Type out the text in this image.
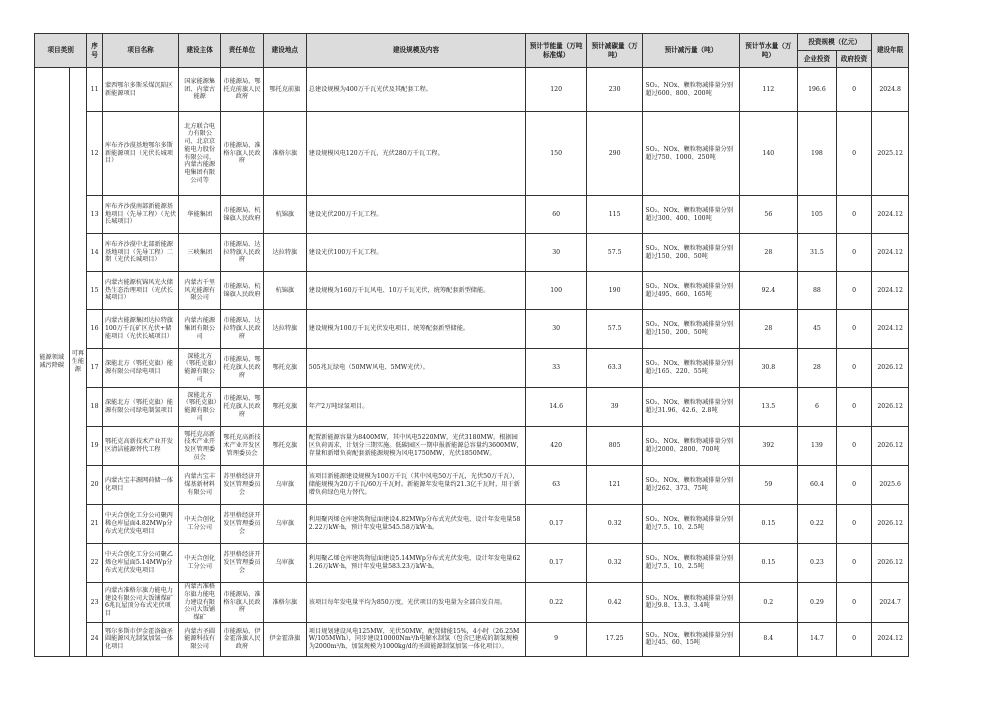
项目类别		序号	项目名称	建设主体	责任单位	建设地点	建设规模及内容	预计节能量（万吨标准煤）	预计减碳量（万吨）	预计减污量（吨）	预计节水量（万吨）	投资规模（亿元）		建设年限
												企业投资	政府投资	
能源领域减污降碳	可再生能源	11	蒙西鄂尔多斯采煤沉陷区新能源项目	国家能源集团、内蒙古能源	市能源局、鄂托克前旗人民政府	鄂托克前旗	总建设规模为400万千瓦光伏及其配套工程。	120	230	SO₂、NOx、颗粒物减排量分别超过600、800、200吨	112	196.6	0	2024.8
		12	库布齐沙漠基地鄂尔多斯新能源项目（光伏长城项目）	北方联合电力有限公司、北京京能电力股份有限公司、内蒙古能源电集团有限公司等	市能源局、准格尔旗人民政府	准格尔旗	建设规模风电120万千瓦、光伏280万千瓦工程。	150	290	SO₂、NOx、颗粒物减排量分别超过750、1000、250吨	140	198	0	2025.12
		13	库布齐沙漠南部新能源基地项目（先导工程）（光伏长城项目）	华能集团	市能源局、杭锦旗人民政府	杭锦旗	建设光伏200万千瓦工程。	60	115	SO₂、NOx、颗粒物减排量分别超过300、400、100吨	56	105	0	2024.12
		14	库布齐沙漠中北部新能源基地项目（先导工程）二期（光伏长城项目）	三峡集团	市能源局、达拉特旗人民政府	达拉特旗	建设光伏100万千瓦工程。	30	57.5	SO₂、NOx、颗粒物减排量分别超过150、200、50吨	28	31.5	0	2024.12
		15	内蒙古能源杭锦风光火储热生态治理项目（光伏长城项目）	内蒙古千里风光能源有限公司	市能源局、杭锦旗人民政府	杭锦旗	建设规模为160万千瓦风电、10万千瓦光伏，统筹配套新型储能。	100	190	SO₂、NOx、颗粒物减排量分别超过495、660、165吨	92.4	88	0	2024.12
		16	内蒙古能源集团达拉特旗100万千瓦矿区光伏+储能项目（光伏长城项目）	内蒙古能源集团有限公司	市能源局、达拉特旗人民政府	达拉特旗	建设规模为100万千瓦光伏发电项目，统筹配套新型储能。	30	57.5	SO₂、NOx、颗粒物减排量分别超过150、200、50吨	28	45	0	2024.12
		17	深能北方（鄂托克旗）能源有限公司绿电项目	深能北方（鄂托克旗）能源有限公司	市能源局、鄂托克旗人民政府	鄂托克旗	505兆瓦绿电（50MW风电、5MW光伏）。	33	63.3	SO₂、NOx、颗粒物减排量分别超过165、220、55吨	30.8	28	0	2026.12
		18	深能北方（鄂托克旗）能源有限公司绿电制氢项目	深能北方（鄂托克旗）能源有限公司	市能源局、鄂托克旗人民政府	鄂托克旗	年产2万吨绿氢项目。	14.6	39	SO₂、NOx、颗粒物减排量分别超过31.96、42.6、2.8吨	13.5	6	0	2026.12
		19	鄂托克高新技术产业开发区清洁能源替代工程	鄂托克高新技术产业开发区管理委员会	鄂托克高新技术产业开发区管理委员会	鄂托克旗	配置新能源容量为8400MW，其中风电5220MW，光伏3180MW。根据园区负荷需求，计划分三期实施。低碳园区一期申报新能源总容量约3600MW，存量和新增负荷配套新能源规模为风电1750MW，光伏1850MW。	420	805	SO₂、NOx、颗粒物减排量分别超过2000、2800、700吨	392	139	0	2026.12
		20	内蒙古宝丰源网荷储一体化项目	内蒙古宝丰煤基新材料有限公司	苏里格经济开发区管理委员会	乌审旗	该项目新能源建设规模为100万千瓦（其中风电50万千瓦，光伏50万千瓦），储能规模为20万千瓦/60万千瓦时。新能源年发电量约21.3亿千瓦时，用于新增负荷绿色电力替代。	63	121	SO₂、NOx、颗粒物减排量分别超过262、373、75吨	59	60.4	0	2025.6
		21	中天合创化工分公司聚丙稀仓库屋面4.82MWp分布式光伏发电项目	中天合创化工分公司	苏里格经济开发区管理委员会	乌审旗	利用聚丙烯仓库建筑物屋面建设4.82MWp分布式光伏发电，设计年发电量582.22万kW·h，预计年发电量545.58万kW·h。	0.17	0.32	SO₂、NOx、颗粒物减排量分别超过7.5、10、2.5吨	0.15	0.22	0	2026.12
		22	中天合创化工分公司聚乙烯仓库屋面5.14MWp分布式光伏发电项目	中天合创化工分公司	苏里格经济开发区管理委员会	乌审旗	利用聚乙烯仓库建筑物屋面建设5.14MWp分布式光伏发电，设计年发电量621.26万kW·h，预计年发电量583.23万kW·h。	0.17	0.32	SO₂、NOx、颗粒物减排量分别超过7.5、10、2.5吨	0.15	0.23	0	2026.12
		23	内蒙古准格尔旗力能电力建设有限公司大饭铺煤矿6兆瓦屋顶分布式光伏项目	内蒙古准格尔旗力能电力建设有限公司大饭铺煤矿	市能源局、准格尔旗人民政府	准格尔旗	该项目每年发电量平均为850万度，光伏项目的发电量为全部自发自用。	0.22	0.42	SO₂、NOx、颗粒物减排量分别超过9.8、13.3、3.4吨	0.2	0.29	0	2024.7
		24	鄂尔多斯市伊金霍洛旗圣圆能源风光制氢加氢一体化项目	内蒙古圣圆能源科技有限公司	市能源局、伊金霍洛旗人民政府	伊金霍洛旗	项目规划建设风电125MW，光伏50MW，配置储能15%，4小时（26.25MW/105MWh），同步建设10000Nm³/h电解水制氢（包含已建成的制氢规模为2000m³/h，加氢规模为1000kg/d的圣圆能源制氢加氢一体化项目）。	9	17.25	SO₂、NOx、颗粒物减排量分别超过45、60、15吨	8.4	14.7	0	2024.12
